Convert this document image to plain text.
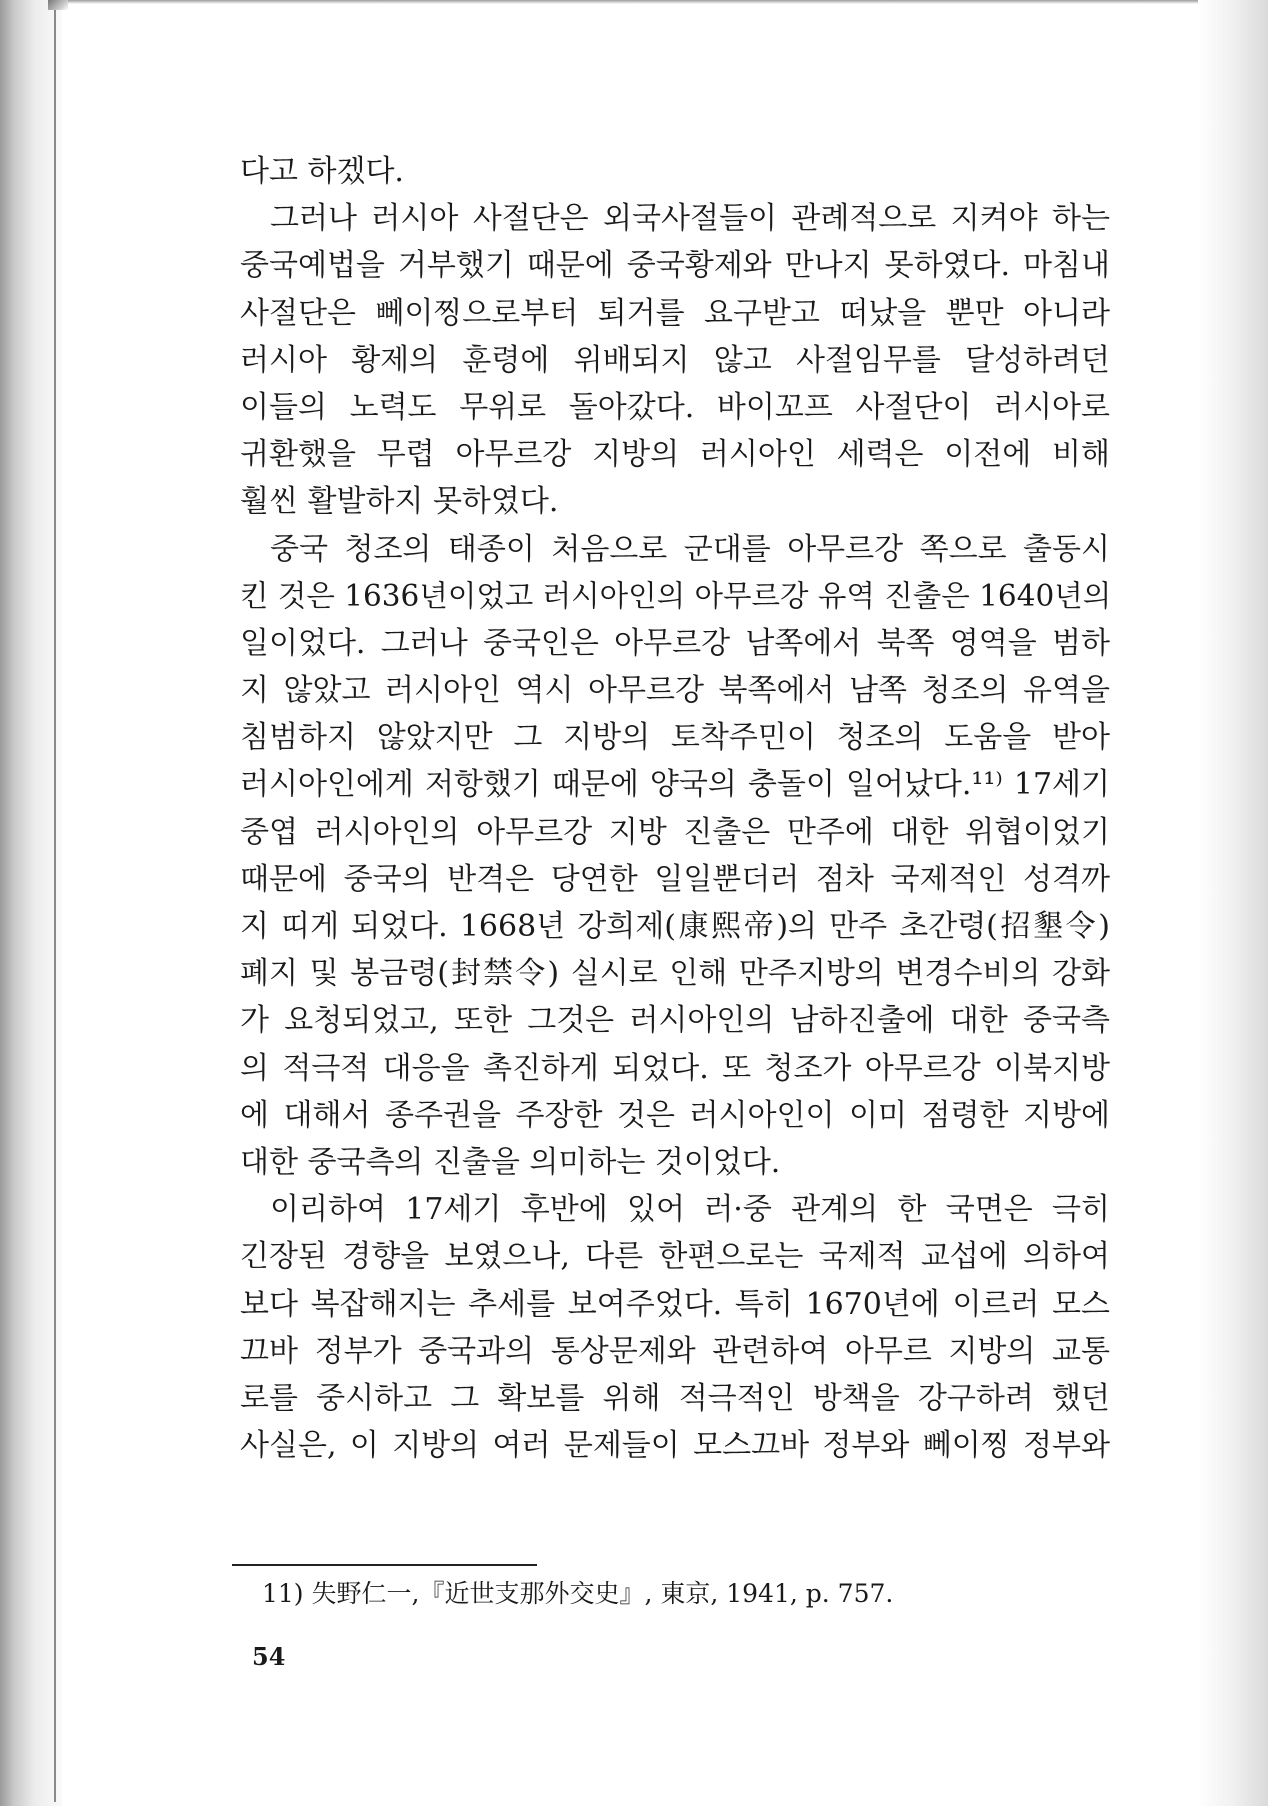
다고 하겠다.
그러나 러시아 사절단은 외국사절들이 관례적으로 지켜야 하는
중국예법을 거부했기 때문에 중국황제와 만나지 못하였다. 마침내
사절단은 뻬이찡으로부터 퇴거를 요구받고 떠났을 뿐만 아니라
러시아 황제의 훈령에 위배되지 않고 사절임무를 달성하려던
이들의 노력도 무위로 돌아갔다. 바이꼬프 사절단이 러시아로
귀환했을 무렵 아무르강 지방의 러시아인 세력은 이전에 비해
훨씬 활발하지 못하였다.
중국 청조의 태종이 처음으로 군대를 아무르강 쪽으로 출동시
킨 것은 1636년이었고 러시아인의 아무르강 유역 진출은 1640년의
일이었다. 그러나 중국인은 아무르강 남쪽에서 북쪽 영역을 범하
지 않았고 러시아인 역시 아무르강 북쪽에서 남쪽 청조의 유역을
침범하지 않았지만 그 지방의 토착주민이 청조의 도움을 받아
러시아인에게 저항했기 때문에 양국의 충돌이 일어났다.¹¹⁾ 17세기
중엽 러시아인의 아무르강 지방 진출은 만주에 대한 위협이었기
때문에 중국의 반격은 당연한 일일뿐더러 점차 국제적인 성격까
지 띠게 되었다. 1668년 강희제(康熙帝)의 만주 초간령(招墾令)
폐지 및 봉금령(封禁令) 실시로 인해 만주지방의 변경수비의 강화
가 요청되었고, 또한 그것은 러시아인의 남하진출에 대한 중국측
의 적극적 대응을 촉진하게 되었다. 또 청조가 아무르강 이북지방
에 대해서 종주권을 주장한 것은 러시아인이 이미 점령한 지방에
대한 중국측의 진출을 의미하는 것이었다.
이리하여 17세기 후반에 있어 러·중 관계의 한 국면은 극히
긴장된 경향을 보였으나, 다른 한편으로는 국제적 교섭에 의하여
보다 복잡해지는 추세를 보여주었다. 특히 1670년에 이르러 모스
끄바 정부가 중국과의 통상문제와 관련하여 아무르 지방의 교통
로를 중시하고 그 확보를 위해 적극적인 방책을 강구하려 했던
사실은, 이 지방의 여러 문제들이 모스끄바 정부와 뻬이찡 정부와
11) 失野仁一,『近世支那外交史』, 東京, 1941, p. 757.
54
